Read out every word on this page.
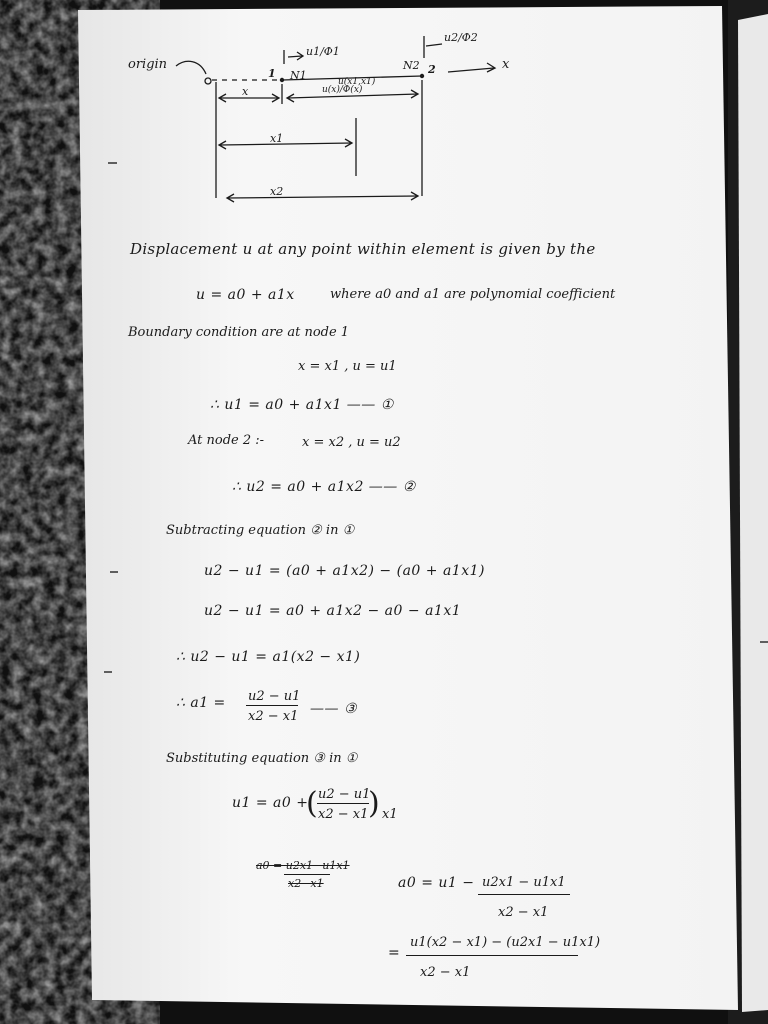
origin
1 N1
N2 2
u1/Φ1
u2/Φ2
x
x
u(x1,x1)
u(x)/Φ(x)
x1
x2
Displacement u at any point within element is given by the
u = a0 + a1x	where a0 and a1 are polynomial coefficient
Boundary condition are at node 1
x = x1 , u = u1
∴ u1 = a0 + a1x1 —— ①
At node 2 :-	x = x2 , u = u2
∴ u2 = a0 + a1x2 —— ②
Subtracting equation ② in ①
u2 − u1 = (a0 + a1x2) − (a0 + a1x1)
u2 − u1 = a0 + a1x2 − a0 − a1x1
∴ u2 − u1 = a1(x2 − x1)
∴ a1 = u2 − u1
x2 − x1 —— ③
Substituting equation ③ in ①
u1 = a0 +
( u2 − u1
x2 − x1 ) x1
a0 = u2x1−u1x1
x2−x1	a0 = u1 − u2x1 − u1x1
x2 − x1
=
u1(x2 − x1) − (u2x1 − u1x1)
x2 − x1
